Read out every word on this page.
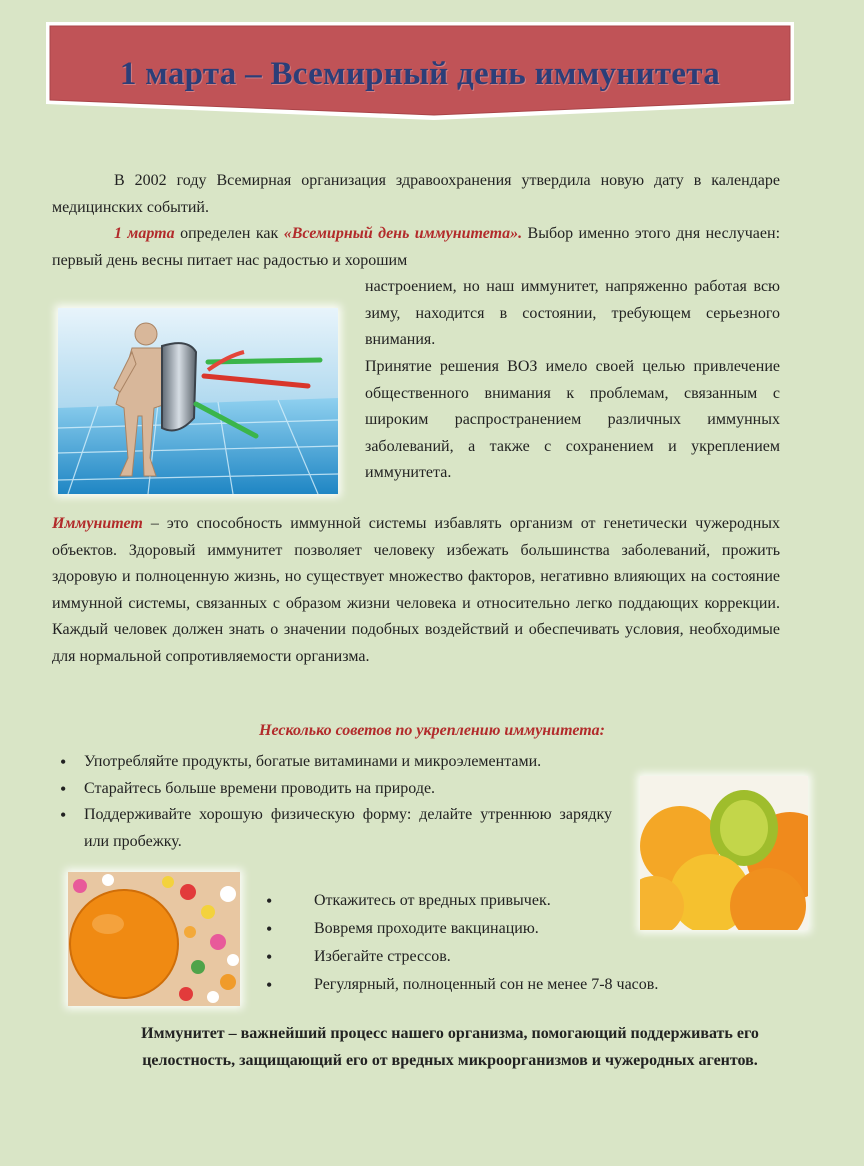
1 марта – Всемирный день иммунитета

В 2002 году Всемирная организация здравоохранения утвердила новую дату в календаре медицинских событий.

1 марта определен как «Всемирный день иммунитета». Выбор именно этого дня неслучаен: первый день весны питает нас радостью и хорошим

настроением, но наш иммунитет, напряженно работая всю зиму, находится в состоянии, требующем серьезного внимания.

Принятие решения ВОЗ имело своей целью привлечение общественного внимания к проблемам, связанным с широким распространением различных иммунных заболеваний, а также с сохранением и укреплением иммунитета.

Иммунитет – это способность иммунной системы избавлять организм от генетически чужеродных объектов. Здоровый иммунитет позволяет человеку избежать большинства заболеваний, прожить здоровую и полноценную жизнь, но существует множество факторов, негативно влияющих на состояние иммунной системы, связанных с образом жизни человека и относительно легко поддающих коррекции. Каждый человек должен знать о значении подобных воздействий и обеспечивать условия, необходимые для нормальной сопротивляемости организма.

Несколько советов по укреплению иммунитета:
• Употребляйте продукты, богатые витаминами и микроэлементами.
• Старайтесь больше времени проводить на природе.
• Поддерживайте хорошую физическую форму: делайте утреннюю зарядку или пробежку.
• Откажитесь от вредных привычек.
• Вовремя проходите вакцинацию.
• Избегайте стрессов.
• Регулярный, полноценный сон не менее 7-8 часов.
Иммунитет – важнейший процесс нашего организма, помогающий поддерживать его целостность, защищающий его от вредных микроорганизмов и чужеродных агентов.
